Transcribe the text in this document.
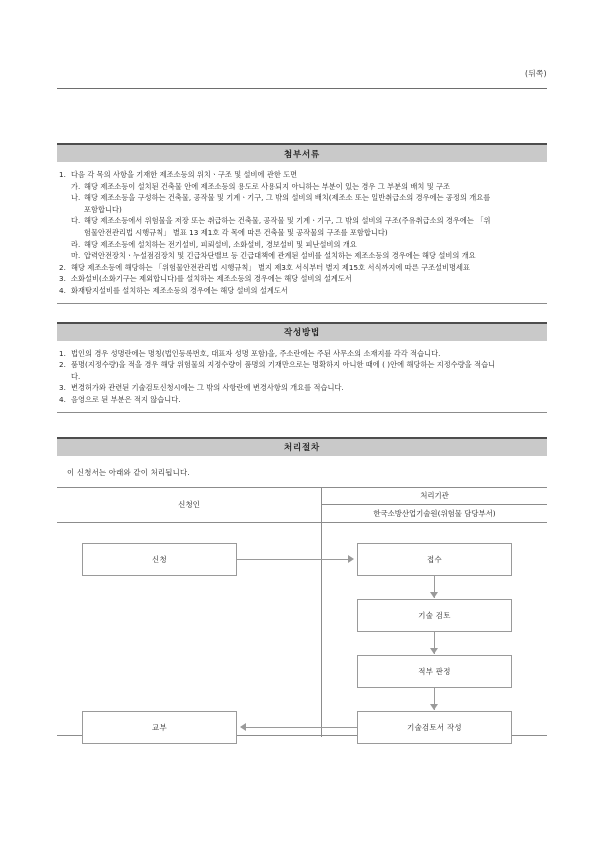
(뒤쪽)
첨부서류
1. 다음 각 목의 사항을 기재한 제조소등의 위치ㆍ구조 및 설비에 관한 도면
가. 해당 제조소등이 설치된 건축물 안에 제조소등의 용도로 사용되지 아니하는 부분이 있는 경우 그 부분의 배치 및 구조
나. 해당 제조소등을 구성하는 건축물, 공작물 및 기계ㆍ기구, 그 밖의 설비의 배치(제조소 또는 일반취급소의 경우에는 공정의 개요를
포함합니다)
다. 해당 제조소등에서 위험물을 저장 또는 취급하는 건축물, 공작물 및 기계ㆍ기구, 그 밖의 설비의 구조(주유취급소의 경우에는 「위
험물안전관리법 시행규칙」 별표 13 제1호 각 목에 따른 건축물 및 공작물의 구조를 포함합니다)
라. 해당 제조소등에 설치하는 전기설비, 피뢰설비, 소화설비, 경보설비 및 피난설비의 개요
마. 압력안전장치ㆍ누설점검장치 및 긴급차단밸브 등 긴급대책에 관계된 설비를 설치하는 제조소등의 경우에는 해당 설비의 개요
2. 해당 제조소등에 해당하는 「위험물안전관리법 시행규칙」 별지 제3호 서식부터 별지 제15호 서식까지에 따른 구조설비명세표
3. 소화설비(소화기구는 제외합니다)를 설치하는 제조소등의 경우에는 해당 설비의 설계도서
4. 화재탐지설비를 설치하는 제조소등의 경우에는 해당 설비의 설계도서
작성방법
1. 법인의 경우 성명란에는 명칭(법인등록번호, 대표자 성명 포함)을, 주소란에는 주된 사무소의 소재지를 각각 적습니다.
2. 품명(지정수량)을 적을 경우 해당 위험물의 지정수량이 품명의 기재만으로는 명확하지 아니한 때에 ( )안에 해당하는 지정수량을 적습니
다.
3. 변경허가와 관련된 기술검토신청시에는 그 밖의 사항란에 변경사항의 개요를 적습니다.
4. 음영으로 된 부분은 적지 않습니다.
처리절차
이 신청서는 아래와 같이 처리됩니다.
신청인
처리기관
한국소방산업기술원(위험물 담당부서)
신청	접수
기술 검토
적부 판정
기술검토서 작성
교부
